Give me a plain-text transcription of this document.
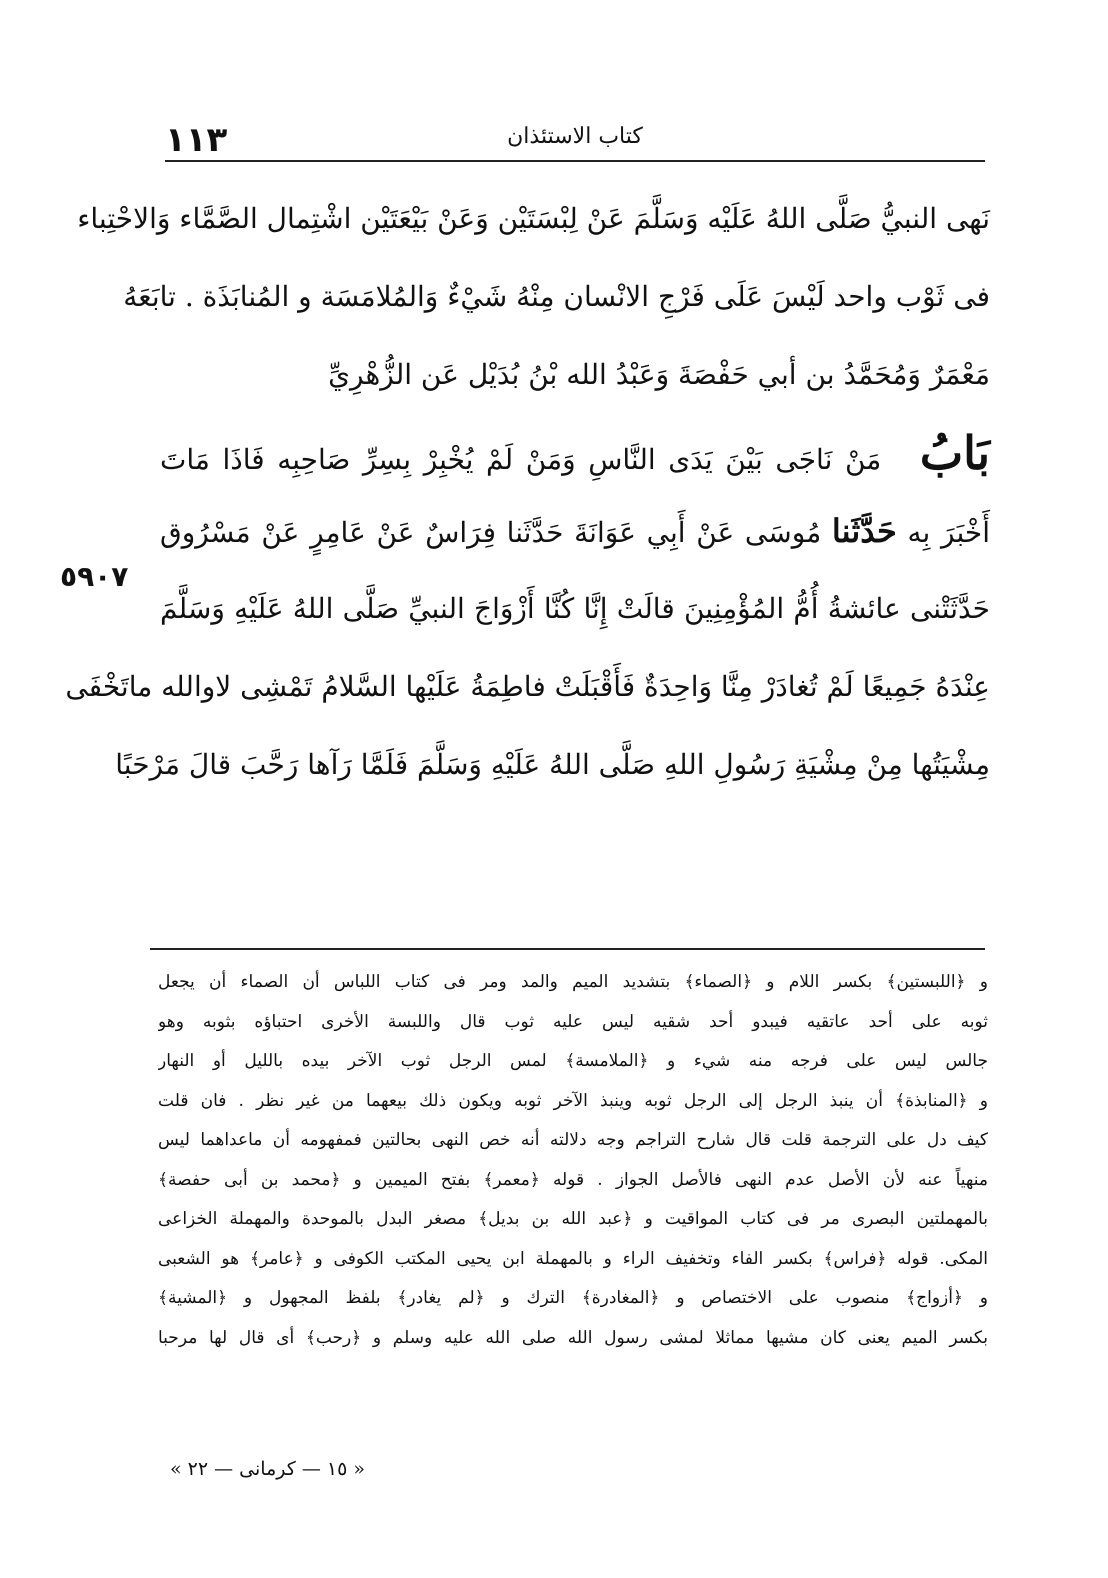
١١٣	كتاب الاستئذان
٥٩٠٧
نَهى النبيُّ صَلَّى اللهُ عَلَيْه وَسَلَّمَ عَنْ لِبْسَتَيْن وَعَنْ بَيْعَتَيْن اشْتِمال الصَّمَّاء وَالاحْتِباء
فى ثَوْب واحد لَيْسَ عَلَى فَرْجِ الانْسان مِنْهُ شَيْءٌ وَالمُلامَسَة و المُنابَذَة . تابَعَهُ
مَعْمَرٌ وَمُحَمَّدُ بن أبي حَفْصَةَ وَعَبْدُ الله بْنُ بُدَيْل عَن الزُّهْرِيِّ
بَابُ مَنْ نَاجَى بَيْنَ يَدَى النَّاسِ وَمَنْ لَمْ يُخْبِرْ بِسِرِّ صَاحِبِه فَاذَا مَاتَ
أَخْبَرَ بِه حَدَّثَنا مُوسَى عَنْ أَبِي عَوَانَةَ حَدَّثَنا فِرَاسٌ عَنْ عَامِرٍ عَنْ مَسْرُوق
حَدَّثَتْنى عائشةُ أُمُّ المُؤْمِنِينَ قالَتْ إِنَّا كُنَّا أَزْوَاجَ النبيِّ صَلَّى اللهُ عَلَيْهِ وَسَلَّمَ
عِنْدَهُ جَمِيعًا لَمْ تُغادَرْ مِنَّا وَاحِدَةٌ فَأَقْبَلَتْ فاطِمَةُ عَلَيْها السَّلامُ تَمْشِى لاوالله ماتَخْفَى
مِشْيَتُها مِنْ مِشْيَةِ رَسُولِ اللهِ صَلَّى اللهُ عَلَيْهِ وَسَلَّمَ فَلَمَّا رَآها رَحَّبَ قالَ مَرْحَبًا
و ﴿اللبستين﴾ بكسر اللام و ﴿الصماء﴾ بتشديد الميم والمد ومر فى كتاب اللباس أن الصماء أن يجعل
ثوبه على أحد عاتقيه فيبدو أحد شقيه ليس عليه ثوب قال واللبسة الأخرى احتباؤه بثوبه وهو
جالس ليس على فرجه منه شيء و ﴿الملامسة﴾ لمس الرجل ثوب الآخر بيده بالليل أو النهار
و ﴿المنابذة﴾ أن ينبذ الرجل إلى الرجل ثوبه وينبذ الآخر ثوبه ويكون ذلك بيعهما من غير نظر . فان قلت
كيف دل على الترجمة قلت قال شارح التراجم وجه دلالته أنه خص النهى بحالتين فمفهومه أن ماعداهما ليس
منهياً عنه لأن الأصل عدم النهى فالأصل الجواز . قوله ﴿معمر﴾ بفتح الميمين و ﴿محمد بن أبى حفصة﴾
بالمهملتين البصرى مر فى كتاب المواقيت و ﴿عبد الله بن بديل﴾ مصغر البدل بالموحدة والمهملة الخزاعى
المكى. قوله ﴿فراس﴾ بكسر الفاء وتخفيف الراء و بالمهملة ابن يحيى المكتب الكوفى و ﴿عامر﴾ هو الشعبى
و ﴿أزواج﴾ منصوب على الاختصاص و ﴿المغادرة﴾ الترك و ﴿لم يغادر﴾ بلفظ المجهول و ﴿المشية﴾
بكسر الميم يعنى كان مشيها مماثلا لمشى رسول الله صلى الله عليه وسلم و ﴿رحب﴾ أى قال لها مرحبا
« ١٥ — كرمانى — ٢٢ »
